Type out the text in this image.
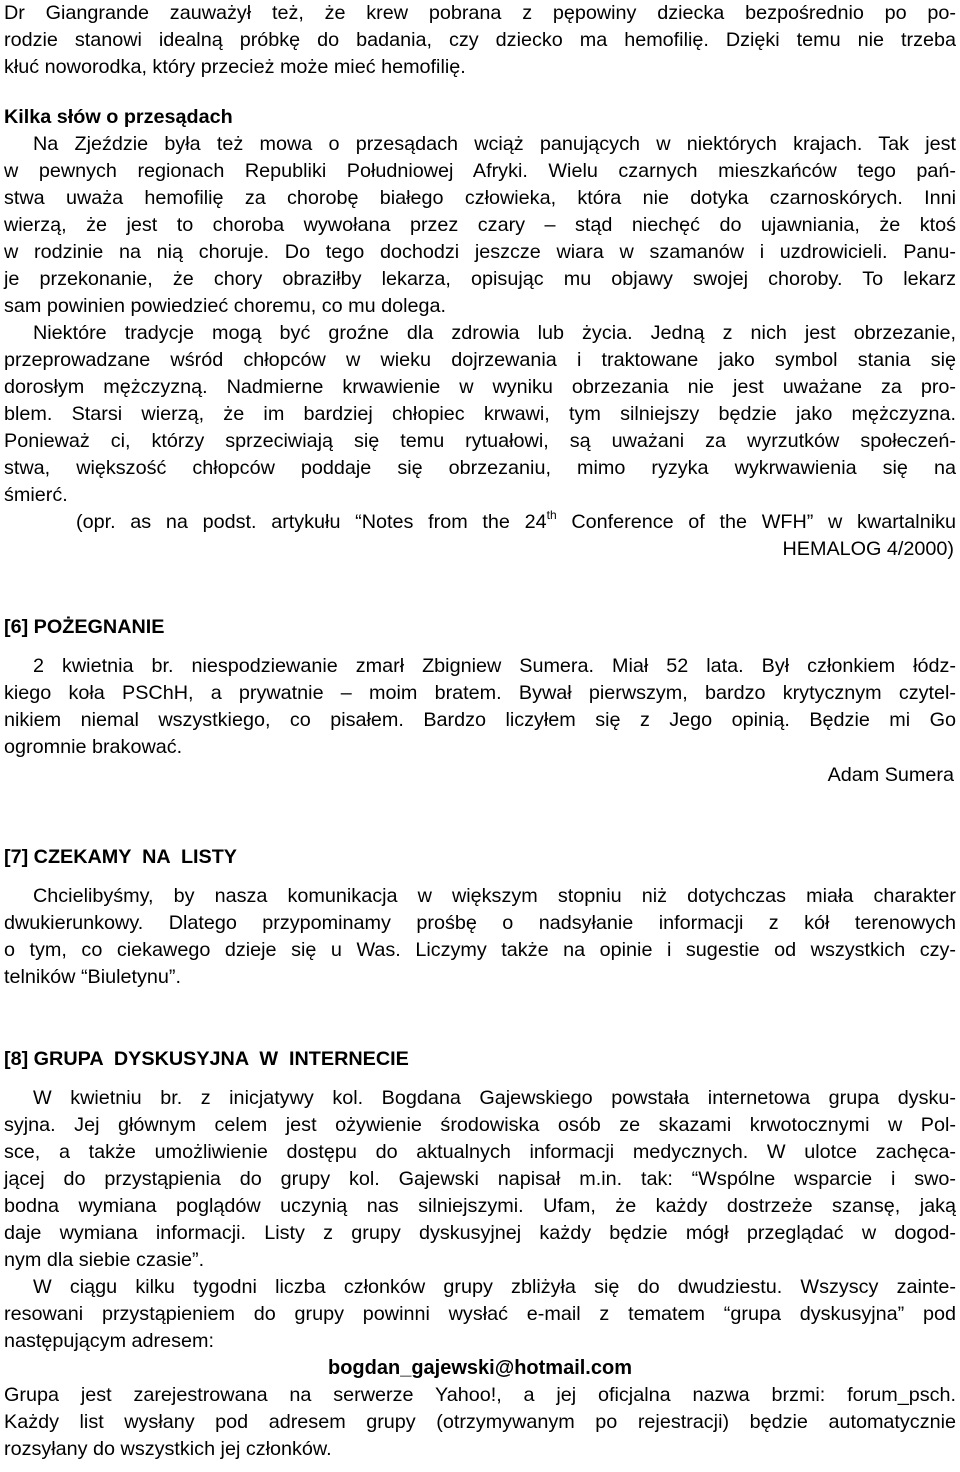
Dr Giangrande zauważył też, że krew pobrana z pępowiny dziecka bezpośrednio po po-

rodzie stanowi idealną próbkę do badania, czy dziecko ma hemofilię. Dzięki temu nie trzeba

kłuć noworodka, który przecież może mieć hemofilię.

Kilka słów o przesądach

Na Zjeździe była też mowa o przesądach wciąż panujących w niektórych krajach. Tak jest

w pewnych regionach Republiki Południowej Afryki. Wielu czarnych mieszkańców tego pań-

stwa uważa hemofilię za chorobę białego człowieka, która nie dotyka czarnoskórych. Inni

wierzą, że jest to choroba wywołana przez czary – stąd niechęć do ujawniania, że ktoś

w rodzinie na nią choruje. Do tego dochodzi jeszcze wiara w szamanów i uzdrowicieli. Panu-

je przekonanie, że chory obraziłby lekarza, opisując mu objawy swojej choroby. To lekarz

sam powinien powiedzieć choremu, co mu dolega.

Niektóre tradycje mogą być groźne dla zdrowia lub życia. Jedną z nich jest obrzezanie,

przeprowadzane wśród chłopców w wieku dojrzewania i traktowane jako symbol stania się

dorosłym mężczyzną. Nadmierne krwawienie w wyniku obrzezania nie jest uważane za pro-

blem. Starsi wierzą, że im bardziej chłopiec krwawi, tym silniejszy będzie jako mężczyzna.

Ponieważ ci, którzy sprzeciwiają się temu rytuałowi, są uważani za wyrzutków społeczeń-

stwa, większość chłopców poddaje się obrzezaniu, mimo ryzyka wykrwawienia się na

śmierć.

(opr. as na podst. artykułu “Notes from the 24th Conference of the WFH” w kwartalniku

HEMALOG 4/2000)

[6] POŻEGNANIE

2 kwietnia br. niespodziewanie zmarł Zbigniew Sumera. Miał 52 lata. Był członkiem łódz-

kiego koła PSChH, a prywatnie – moim bratem. Bywał pierwszym, bardzo krytycznym czytel-

nikiem niemal wszystkiego, co pisałem. Bardzo liczyłem się z Jego opinią. Będzie mi Go

ogromnie brakować.

Adam Sumera

[7] CZEKAMY  NA  LISTY

Chcielibyśmy, by nasza komunikacja w większym stopniu niż dotychczas miała charakter

dwukierunkowy. Dlatego przypominamy prośbę o nadsyłanie informacji z kół terenowych

o tym, co ciekawego dzieje się u Was. Liczymy także na opinie i sugestie od wszystkich czy-

telników “Biuletynu”.

[8] GRUPA  DYSKUSYJNA  W  INTERNECIE

W kwietniu br. z inicjatywy kol. Bogdana Gajewskiego powstała internetowa grupa dysku-

syjna. Jej głównym celem jest ożywienie środowiska osób ze skazami krwotocznymi w Pol-

sce, a także umożliwienie dostępu do aktualnych informacji medycznych. W ulotce zachęca-

jącej do przystąpienia do grupy kol. Gajewski napisał m.in. tak: “Wspólne wsparcie i swo-

bodna wymiana poglądów uczynią nas silniejszymi. Ufam, że każdy dostrzeże szansę, jaką

daje wymiana informacji. Listy z grupy dyskusyjnej każdy będzie mógł przeglądać w dogod-

nym dla siebie czasie”.

W ciągu kilku tygodni liczba członków grupy zbliżyła się do dwudziestu. Wszyscy zainte-

resowani przystąpieniem do grupy powinni wysłać e-mail z tematem “grupa dyskusyjna” pod

następującym adresem:

bogdan_gajewski@hotmail.com

Grupa jest zarejestrowana na serwerze Yahoo!, a jej oficjalna nazwa brzmi: forum_psch.

Każdy list wysłany pod adresem grupy (otrzymywanym po rejestracji) będzie automatycznie

rozsyłany do wszystkich jej członków.
